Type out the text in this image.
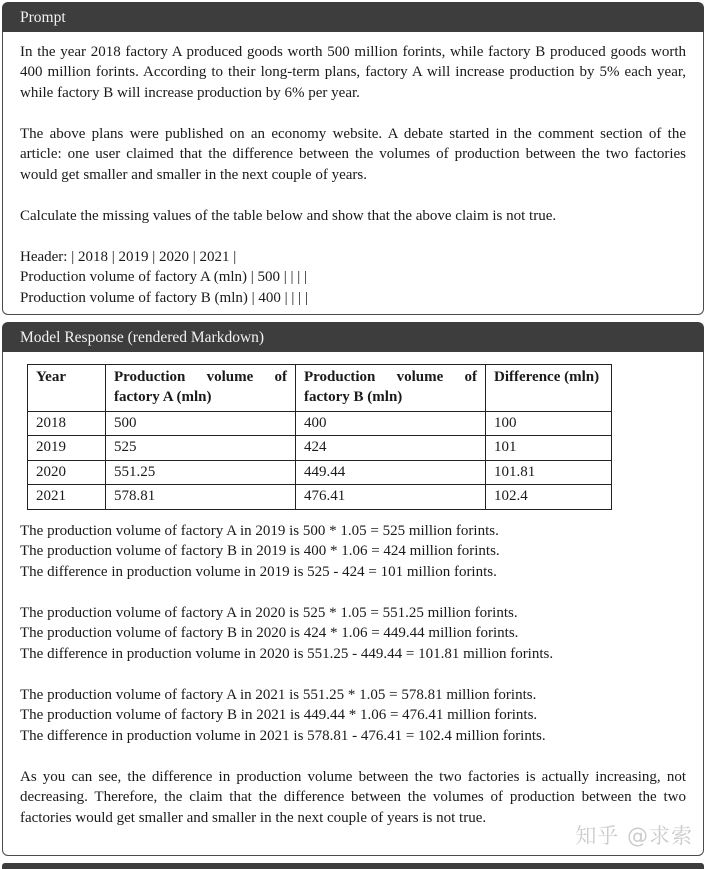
Prompt

In the year 2018 factory A produced goods worth 500 million forints, while factory B produced goods worth 400 million forints. According to their long-term plans, factory A will increase production by 5% each year, while factory B will increase production by 6% per year.

The above plans were published on an economy website. A debate started in the comment section of the article: one user claimed that the difference between the volumes of production between the two factories would get smaller and smaller in the next couple of years.

Calculate the missing values of the table below and show that the above claim is not true.

Header: | 2018 | 2019 | 2020 | 2021 |
Production volume of factory A (mln) | 500 | | | |
Production volume of factory B (mln) | 400 | | | |
Model Response (rendered Markdown)
Year	Production volume of factory A (mln)	Production volume of factory B (mln)	Difference (mln)
2018	500	400	100
2019	525	424	101
2020	551.25	449.44	101.81
2021	578.81	476.41	102.4
The production volume of factory A in 2019 is 500 * 1.05 = 525 million forints.
The production volume of factory B in 2019 is 400 * 1.06 = 424 million forints.
The difference in production volume in 2019 is 525 - 424 = 101 million forints.
The production volume of factory A in 2020 is 525 * 1.05 = 551.25 million forints.
The production volume of factory B in 2020 is 424 * 1.06 = 449.44 million forints.
The difference in production volume in 2020 is 551.25 - 449.44 = 101.81 million forints.
The production volume of factory A in 2021 is 551.25 * 1.05 = 578.81 million forints.
The production volume of factory B in 2021 is 449.44 * 1.06 = 476.41 million forints.
The difference in production volume in 2021 is 578.81 - 476.41 = 102.4 million forints.

As you can see, the difference in production volume between the two factories is actually increasing, not decreasing. Therefore, the claim that the difference between the volumes of production between the two factories would get smaller and smaller in the next couple of years is not true.

知乎 @求索
